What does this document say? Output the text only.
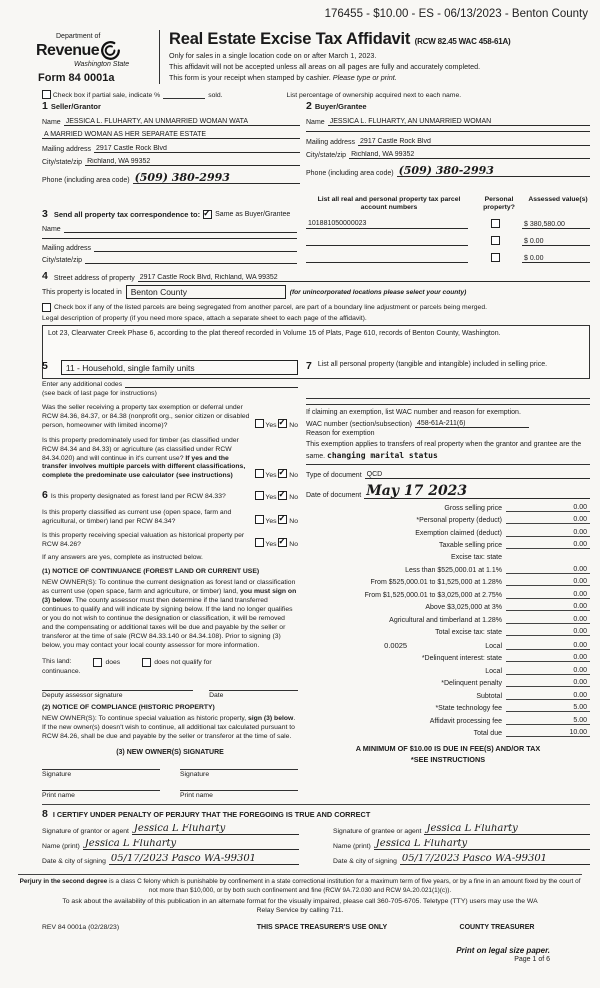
176455 - $10.00 - ES - 06/13/2023 - Benton County
Department of
Revenue
Washington State
Form 84 0001a
Real Estate Excise Tax Affidavit (RCW 82.45 WAC 458-61A)
Only for sales in a single location code on or after March 1, 2023.
This affidavit will not be accepted unless all areas on all pages are fully and accurately completed.
This form is your receipt when stamped by cashier. Please type or print.

Check box if partial sale, indicate %	sold.	List percentage of ownership acquired next to each name.
1 Seller/Grantor
Name JESSICA L. FLUHARTY, AN UNMARRIED WOMAN WATA
A MARRIED WOMAN AS HER SEPARATE ESTATE
Mailing address 2917 Castle Rock Blvd
City/state/zip Richland, WA 99352
Phone (including area code) (509) 380-2993
2 Buyer/Grantee
Name JESSICA L. FLUHARTY, AN UNMARRIED WOMAN
Mailing address 2917 Castle Rock Blvd
City/state/zip Richland, WA 99352
Phone (including area code) (509) 380-2993
3 Send all property tax correspondence to: ✓ Same as Buyer/Grantee
Name
Mailing address
City/state/zip
List all real and personal property tax parcel account numbers
Personal property?
Assessed value(s)
101881050000023	$ 380,580.00
$ 0.00
$ 0.00
4 Street address of property 2917 Castle Rock Blvd, Richland, WA 99352
This property is located in	Benton County	(for unincorporated locations please select your county)
Check box if any of the listed parcels are being segregated from another parcel, are part of a boundary line adjustment or parcels being merged.
Legal description of property (if you need more space, attach a separate sheet to each page of the affidavit).
Lot 23, Clearwater Creek Phase 6, according to the plat thereof recorded in Volume 15 of Plats, Page 610, records of Benton County, Washington.
5	11 - Household, single family units
Enter any additional codes
(see back of last page for instructions)
Was the seller receiving a property tax exemption or deferral under RCW 84.36, 84.37, or 84.38 (nonprofit org., senior citizen or disabled person, homeowner with limited income)?	Yes ✓ No
Is this property predominately used for timber (as classified under RCW 84.34 and 84.33) or agriculture (as classified under RCW 84.34.020) and will continue in it's current use? If yes and the transfer involves multiple parcels with different classifications, complete the predominate use calculator (see instructions)	Yes ✓ No
6 Is this property designated as forest land per RCW 84.33?	Yes ✓ No
Is this property classified as current use (open space, farm and agricultural, or timber) land per RCW 84.34?	Yes ✓ No
Is this property receiving special valuation as historical property per RCW 84.26?	Yes ✓ No
If any answers are yes, complete as instructed below.
(1) NOTICE OF CONTINUANCE (FOREST LAND OR CURRENT USE)
NEW OWNER(S): To continue the current designation as forest land or classification as current use (open space, farm and agriculture, or timber) land, you must sign on (3) below. The county assessor must then determine if the land transferred continues to qualify and will indicate by signing below. If the land no longer qualifies or you do not wish to continue the designation or classification, it will be removed and the compensating or additional taxes will be due and payable by the seller or transferor at the time of sale (RCW 84.33.140 or 84.34.108). Prior to signing (3) below, you may contact your local county assessor for more information.
This land:	does	does not qualify for
continuance.
Deputy assessor signature	Date
(2) NOTICE OF COMPLIANCE (HISTORIC PROPERTY)
NEW OWNER(S): To continue special valuation as historic property, sign (3) below. If the new owner(s) doesn't wish to continue, all additional tax calculated pursuant to RCW 84.26, shall be due and payable by the seller or transferor at the time of sale.
(3) NEW OWNER(S) SIGNATURE
Signature
Print name
Signature
Print name
7 List all personal property (tangible and intangible) included in selling price.
If claiming an exemption, list WAC number and reason for exemption.
WAC number (section/subsection) 458-61A-211(6)
Reason for exemption
This exemption applies to transfers of real property when the grantor and grantee are the same. changing marital status
Type of document QCD
Date of document May 17 2023
Gross selling price	0.00
*Personal property (deduct)	0.00
Exemption claimed (deduct)	0.00
Taxable selling price	0.00
Excise tax: state
Less than $525,000.01 at 1.1%	0.00
From $525,000.01 to $1,525,000 at 1.28%	0.00
From $1,525,000.01 to $3,025,000 at 2.75%	0.00
Above $3,025,000 at 3%	0.00
Agricultural and timberland at 1.28%	0.00
Total excise tax: state	0.00
0.0025	Local	0.00
*Delinquent interest: state	0.00
Local	0.00
*Delinquent penalty	0.00
Subtotal	0.00
*State technology fee	5.00
Affidavit processing fee	5.00
Total due	10.00
A MINIMUM OF $10.00 IS DUE IN FEE(S) AND/OR TAX
*SEE INSTRUCTIONS
8 I CERTIFY UNDER PENALTY OF PERJURY THAT THE FOREGOING IS TRUE AND CORRECT
Signature of grantor or agent Jessica L Fluharty
Name (print) Jessica L Fluharty
Date & city of signing 05/17/2023 Pasco WA-99301
Signature of grantee or agent Jessica L Fluharty
Name (print) Jessica L Fluharty
Date & city of signing 05/17/2023 Pasco WA-99301
Perjury in the second degree is a class C felony which is punishable by confinement in a state correctional institution for a maximum term of five years, or by a fine in an amount fixed by the court of not more than $10,000, or by both such confinement and fine (RCW 9A.72.030 and RCW 9A.20.021(1)(c)).
To ask about the availability of this publication in an alternate format for the visually impaired, please call 360-705-6705. Teletype (TTY) users may use the WA Relay Service by calling 711.
REV 84 0001a (02/28/23)	THIS SPACE TREASURER'S USE ONLY	COUNTY TREASURER
Print on legal size paper.
Page 1 of 6
